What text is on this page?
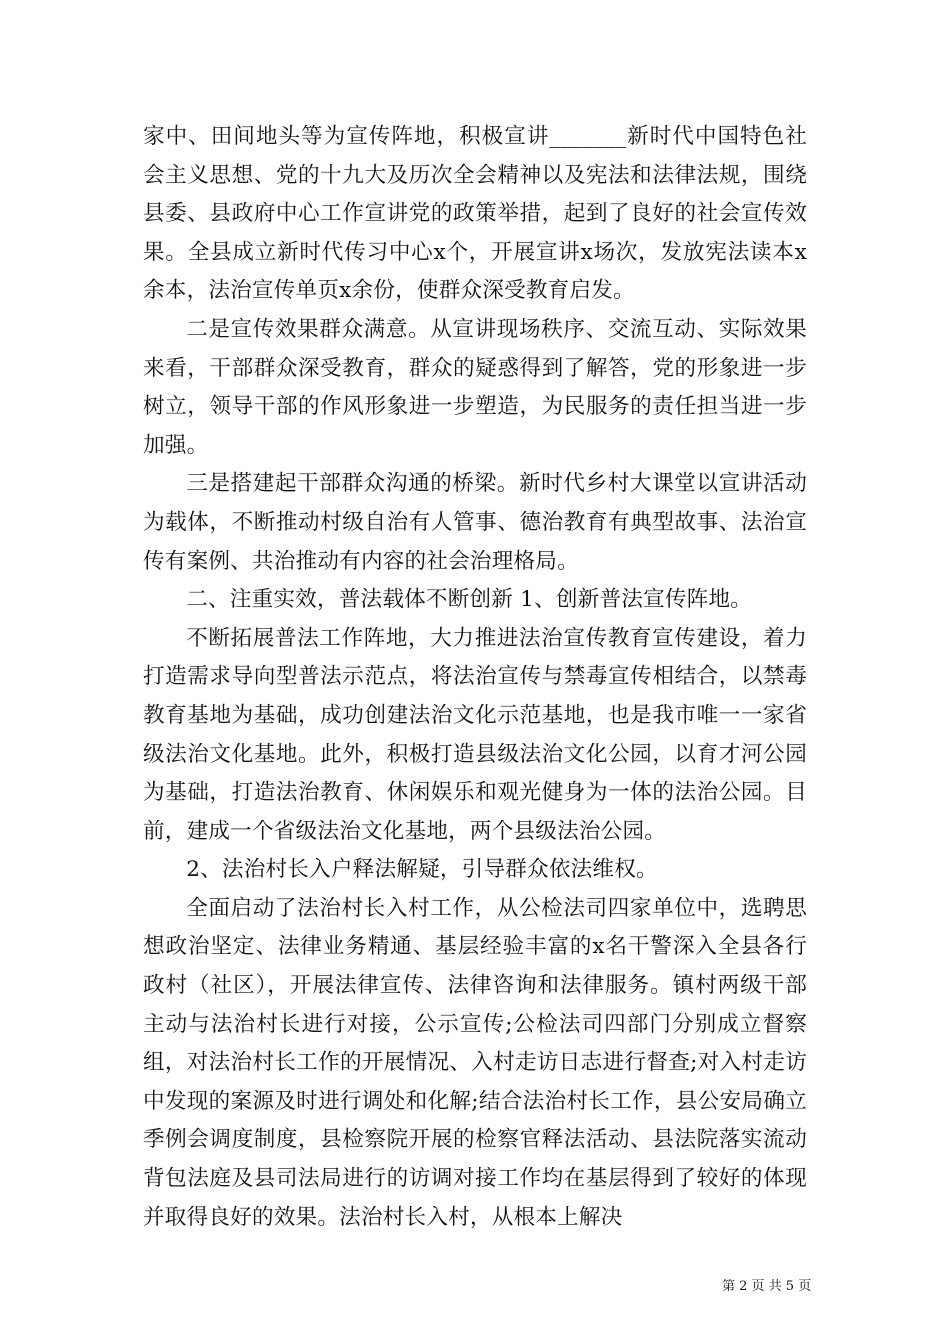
家中、田间地头等为宣传阵地，积极宣讲_______新时代中国特色社会主义思想、党的十九大及历次全会精神以及宪法和法律法规，围绕县委、县政府中心工作宣讲党的政策举措，起到了良好的社会宣传效果。全县成立新时代传习中心x个，开展宣讲x场次，发放宪法读本x余本，法治宣传单页x余份，使群众深受教育启发。

二是宣传效果群众满意。从宣讲现场秩序、交流互动、实际效果来看，干部群众深受教育，群众的疑惑得到了解答，党的形象进一步树立，领导干部的作风形象进一步塑造，为民服务的责任担当进一步加强。

三是搭建起干部群众沟通的桥梁。新时代乡村大课堂以宣讲活动为载体，不断推动村级自治有人管事、德治教育有典型故事、法治宣传有案例、共治推动有内容的社会治理格局。

二、注重实效，普法载体不断创新 1、创新普法宣传阵地。

不断拓展普法工作阵地，大力推进法治宣传教育宣传建设，着力打造需求导向型普法示范点，将法治宣传与禁毒宣传相结合，以禁毒教育基地为基础，成功创建法治文化示范基地，也是我市唯一一家省级法治文化基地。此外，积极打造县级法治文化公园，以育才河公园为基础，打造法治教育、休闲娱乐和观光健身为一体的法治公园。目前，建成一个省级法治文化基地，两个县级法治公园。

2、法治村长入户释法解疑，引导群众依法维权。

全面启动了法治村长入村工作，从公检法司四家单位中，选聘思想政治坚定、法律业务精通、基层经验丰富的x名干警深入全县各行政村（社区），开展法律宣传、法律咨询和法律服务。镇村两级干部主动与法治村长进行对接，公示宣传;公检法司四部门分别成立督察组，对法治村长工作的开展情况、入村走访日志进行督查;对入村走访中发现的案源及时进行调处和化解;结合法治村长工作，县公安局确立季例会调度制度，县检察院开展的检察官释法活动、县法院落实流动背包法庭及县司法局进行的访调对接工作均在基层得到了较好的体现并取得良好的效果。法治村长入村，从根本上解决

第 2 页 共 5 页
